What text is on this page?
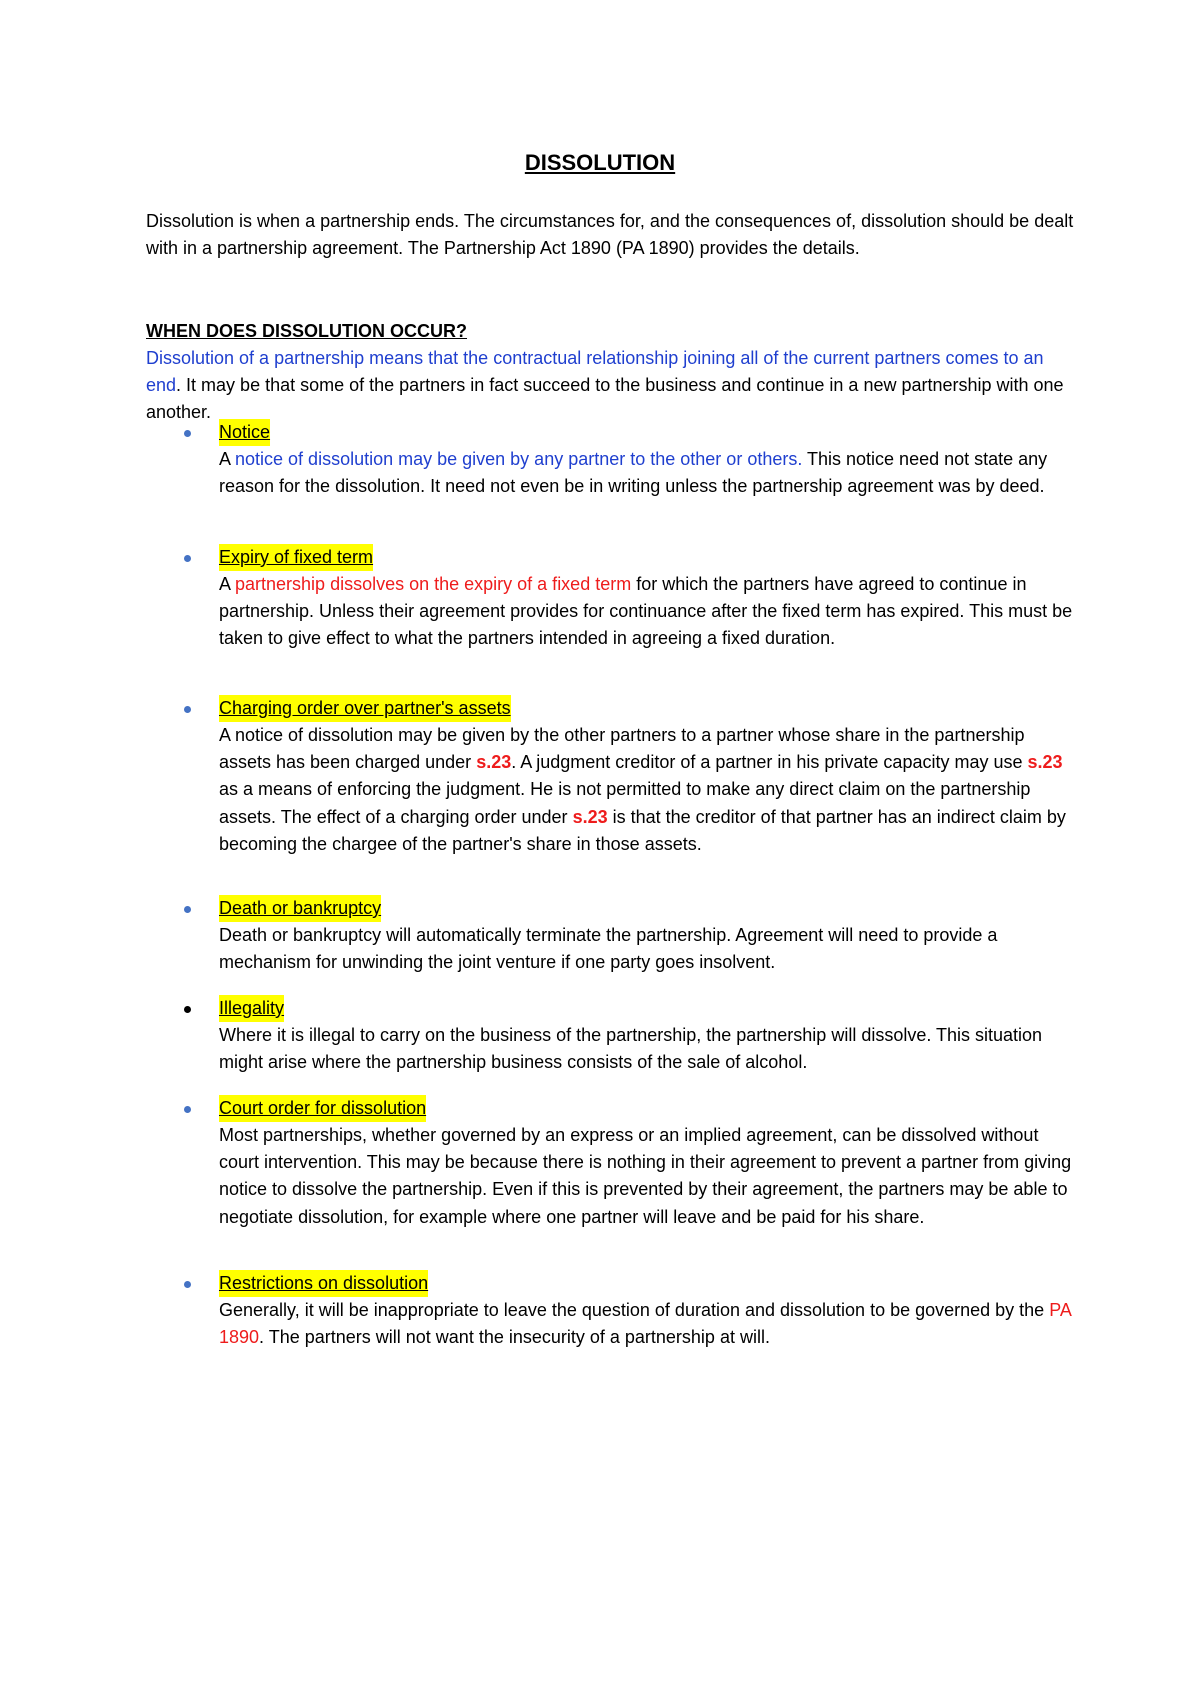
DISSOLUTION

Dissolution is when a partnership ends. The circumstances for, and the consequences of, dissolution should be dealt with in a partnership agreement. The Partnership Act 1890 (PA 1890) provides the details.

WHEN DOES DISSOLUTION OCCUR?

Dissolution of a partnership means that the contractual relationship joining all of the current partners comes to an end. It may be that some of the partners in fact succeed to the business and continue in a new partnership with one another.

Notice

A notice of dissolution may be given by any partner to the other or others. This notice need not state any reason for the dissolution. It need not even be in writing unless the partnership agreement was by deed.

Expiry of fixed term

A partnership dissolves on the expiry of a fixed term for which the partners have agreed to continue in partnership. Unless their agreement provides for continuance after the fixed term has expired. This must be taken to give effect to what the partners intended in agreeing a fixed duration.

Charging order over partner's assets

A notice of dissolution may be given by the other partners to a partner whose share in the partnership assets has been charged under s.23. A judgment creditor of a partner in his private capacity may use s.23 as a means of enforcing the judgment. He is not permitted to make any direct claim on the partnership assets. The effect of a charging order under s.23 is that the creditor of that partner has an indirect claim by becoming the chargee of the partner's share in those assets.

Death or bankruptcy

Death or bankruptcy will automatically terminate the partnership. Agreement will need to provide a mechanism for unwinding the joint venture if one party goes insolvent.

Illegality

Where it is illegal to carry on the business of the partnership, the partnership will dissolve. This situation might arise where the partnership business consists of the sale of alcohol.

Court order for dissolution

Most partnerships, whether governed by an express or an implied agreement, can be dissolved without court intervention. This may be because there is nothing in their agreement to prevent a partner from giving notice to dissolve the partnership. Even if this is prevented by their agreement, the partners may be able to negotiate dissolution, for example where one partner will leave and be paid for his share.

Restrictions on dissolution

Generally, it will be inappropriate to leave the question of duration and dissolution to be governed by the PA 1890. The partners will not want the insecurity of a partnership at will.
